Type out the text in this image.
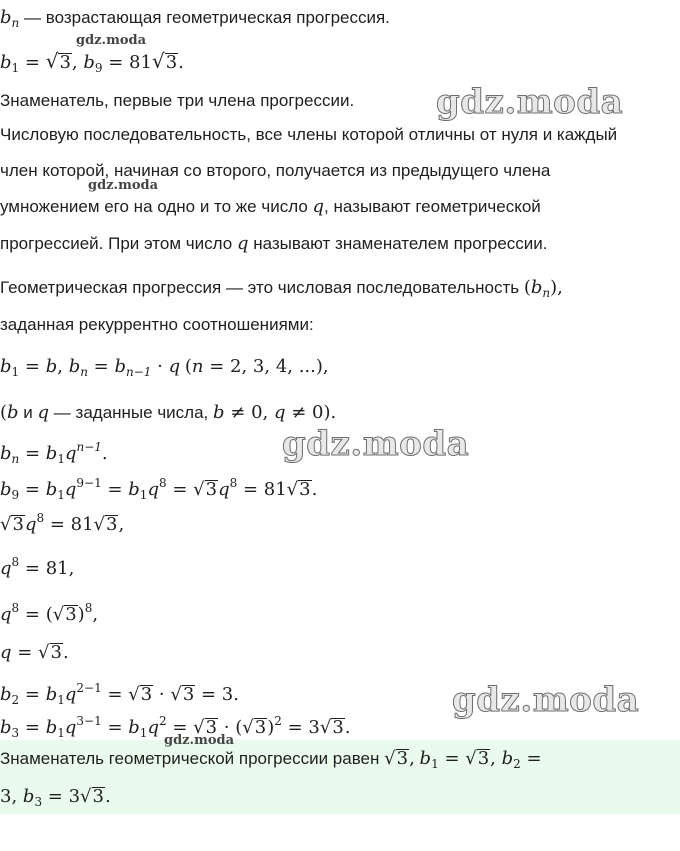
$b_n$ — возрастающая геометрическая прогрессия.
$b_1 = √3$, $b_9 = 81√3$.
Знаменатель, первые три члена прогрессии.
Числовую последовательность, все члены которой отличны от нуля и каждый
член которой, начиная со второго, получается из предыдущего члена
умножением его на одно и то же число q, называют геометрической
прогрессией. При этом число q называют знаменателем прогрессии.
Геометрическая прогрессия — это числовая последовательность $(b_n)$,
заданная рекуррентно соотношениями:
$b_1 = b$, $b_n = b_{n-1} \cdot q$ (n = 2, 3, 4, ...),
(b и q — заданные числа, b ≠ 0, q ≠ 0).
$b_n = b_1q^{n-1}$.
$b_9 = b_1q^{9-1} = b_1q^8 = √3q^8 = 81√3$.
$√3q^8 = 81√3$,
$q^8 = 81$,
$q^8 = (√3)^8$,
q = √3.
$b_2 = b_1q^{2-1} = √3 \cdot √3 = 3$.
$b_3 = b_1q^{3-1} = b_1q^2 = √3 \cdot (√3)^2 = 3√3$.
Знаменатель геометрической прогрессии равен √3, $b_1 = √3$, $b_2$ =
3, $b_3 = 3√3$.
gdz.moda
gdz.moda
gdz.moda
gdz.moda
gdz.moda
gdz.moda
